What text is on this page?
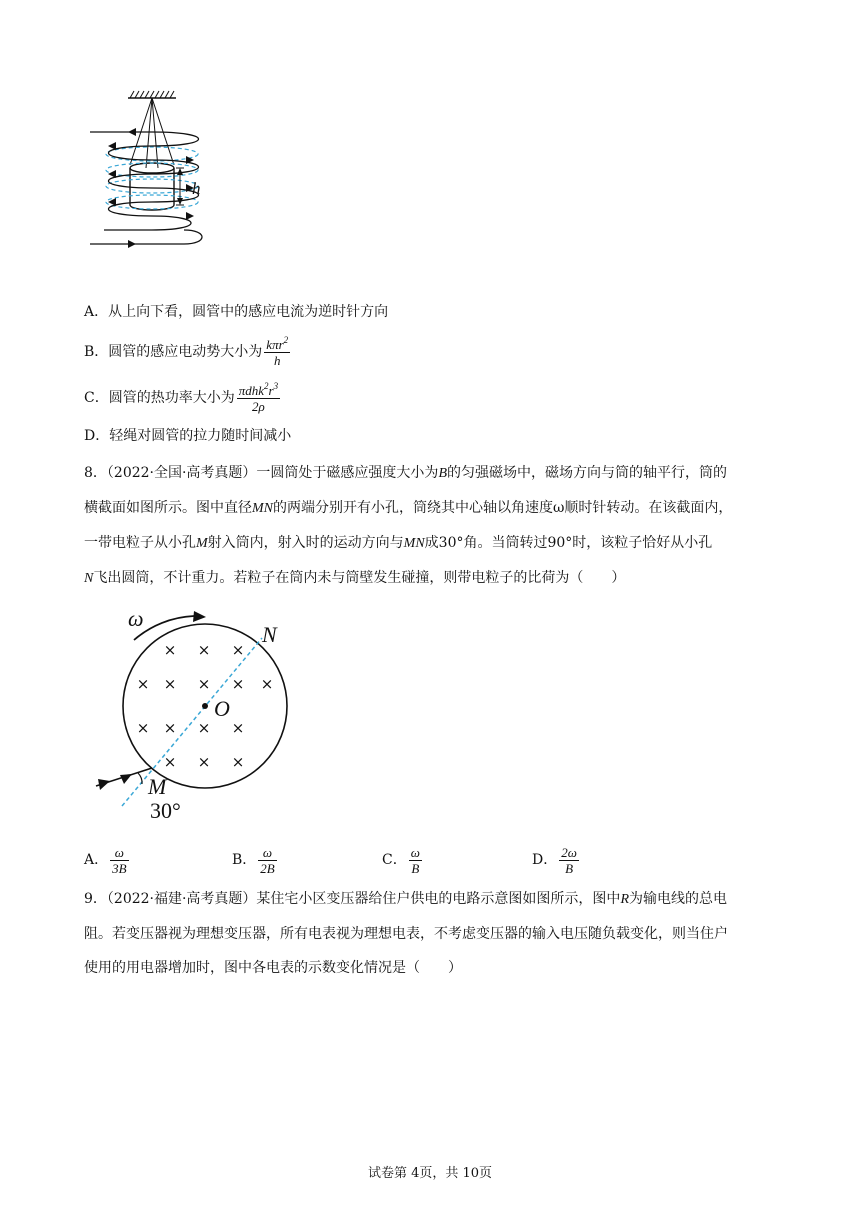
h
A．从上向下看，圆管中的感应电流为逆时针方向
B．圆管的感应电动势大小为 $\frac{k\pi r^2}{h}$
C．圆管的热功率大小为 $\frac{\pi dhk^2r^3}{2\rho}$
D．轻绳对圆管的拉力随时间减小
8．（2022·全国·高考真题）一圆筒处于磁感应强度大小为B的匀强磁场中，磁场方向与筒的轴平行，筒的
横截面如图所示。图中直径MN的两端分别开有小孔，筒绕其中心轴以角速度ω顺时针转动。在该截面内，
一带电粒子从小孔M射入筒内，射入时的运动方向与MN成30°角。当筒转过90°时，该粒子恰好从小孔
N飞出圆筒，不计重力。若粒子在筒内未与筒壁发生碰撞，则带电粒子的比荷为（　　）
ω
× × ×
× × × × ×
× × × ×
× × ×
O
N
M
30°
A． $\frac{\omega}{3B}$	B． $\frac{\omega}{2B}$	C． $\frac{\omega}{B}$	D． $\frac{2\omega}{B}$
9．（2022·福建·高考真题）某住宅小区变压器给住户供电的电路示意图如图所示，图中R为输电线的总电
阻。若变压器视为理想变压器，所有电表视为理想电表，不考虑变压器的输入电压随负载变化，则当住户
使用的用电器增加时，图中各电表的示数变化情况是（　　）
试卷第 4页，共 10页
